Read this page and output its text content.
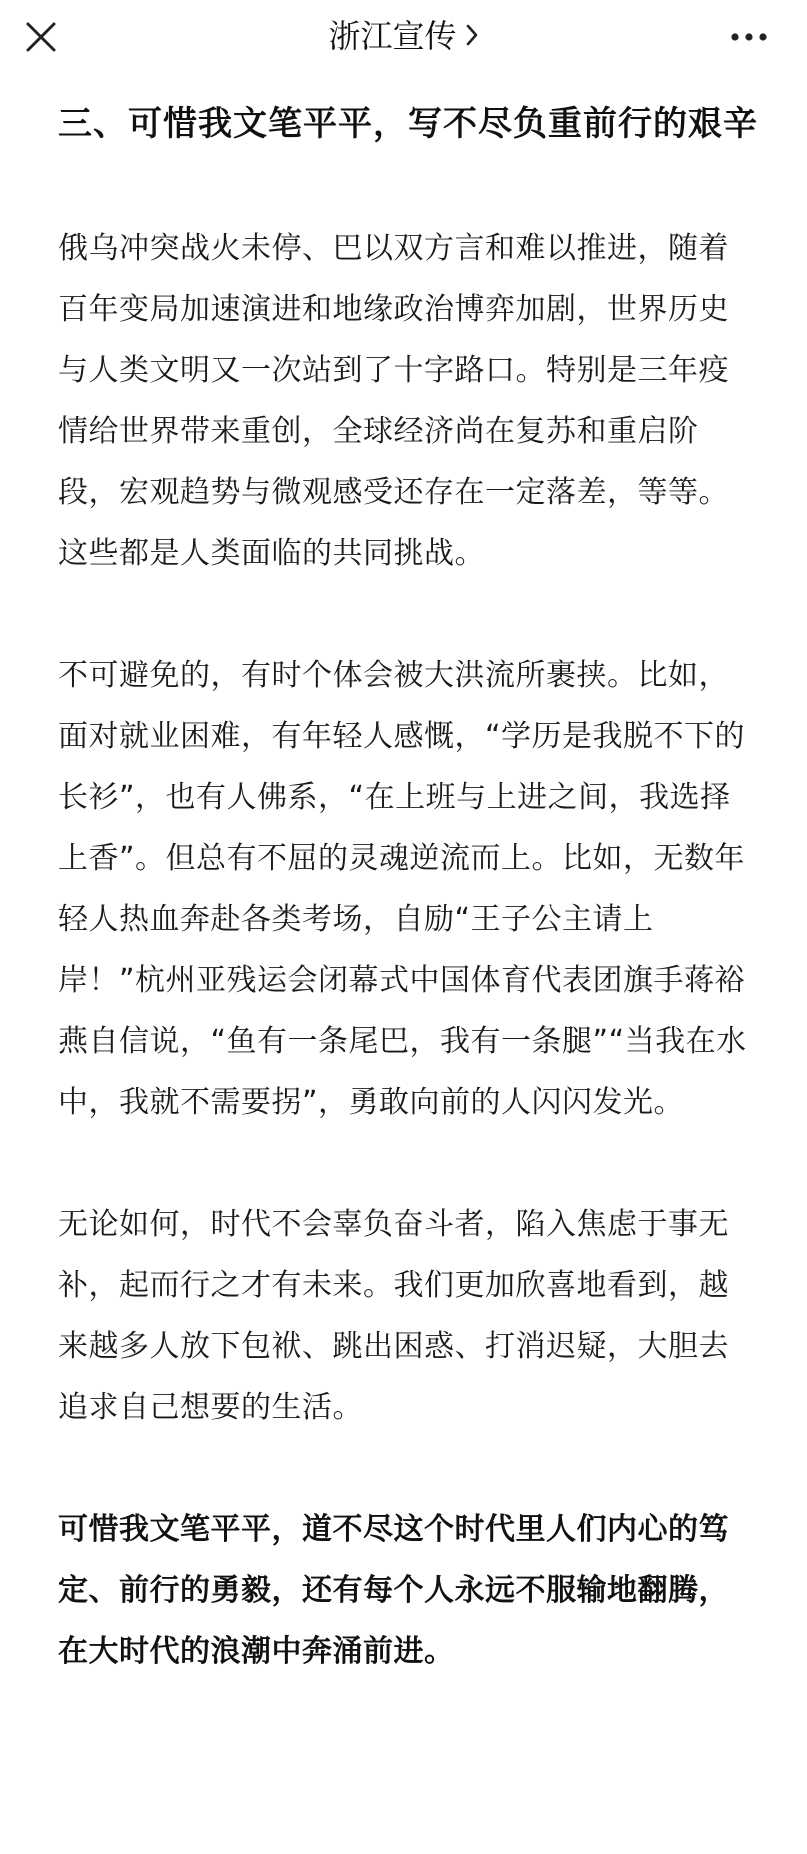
浙江宣传
三、可惜我文笔平平，写不尽负重前行的艰辛

俄乌冲突战火未停、巴以双方言和难以推进，随着百年变局加速演进和地缘政治博弈加剧，世界历史与人类文明又一次站到了十字路口。特别是三年疫情给世界带来重创，全球经济尚在复苏和重启阶段，宏观趋势与微观感受还存在一定落差，等等。这些都是人类面临的共同挑战。

不可避免的，有时个体会被大洪流所裹挟。比如，面对就业困难，有年轻人感慨，“学历是我脱不下的长衫”，也有人佛系，“在上班与上进之间，我选择上香”。但总有不屈的灵魂逆流而上。比如，无数年轻人热血奔赴各类考场，自励“王子公主请上岸！”杭州亚残运会闭幕式中国体育代表团旗手蒋裕燕自信说，“鱼有一条尾巴，我有一条腿”“当我在水中，我就不需要拐”，勇敢向前的人闪闪发光。

无论如何，时代不会辜负奋斗者，陷入焦虑于事无补，起而行之才有未来。我们更加欣喜地看到，越来越多人放下包袱、跳出困惑、打消迟疑，大胆去追求自己想要的生活。

可惜我文笔平平，道不尽这个时代里人们内心的笃定、前行的勇毅，还有每个人永远不服输地翻腾，在大时代的浪潮中奔涌前进。
